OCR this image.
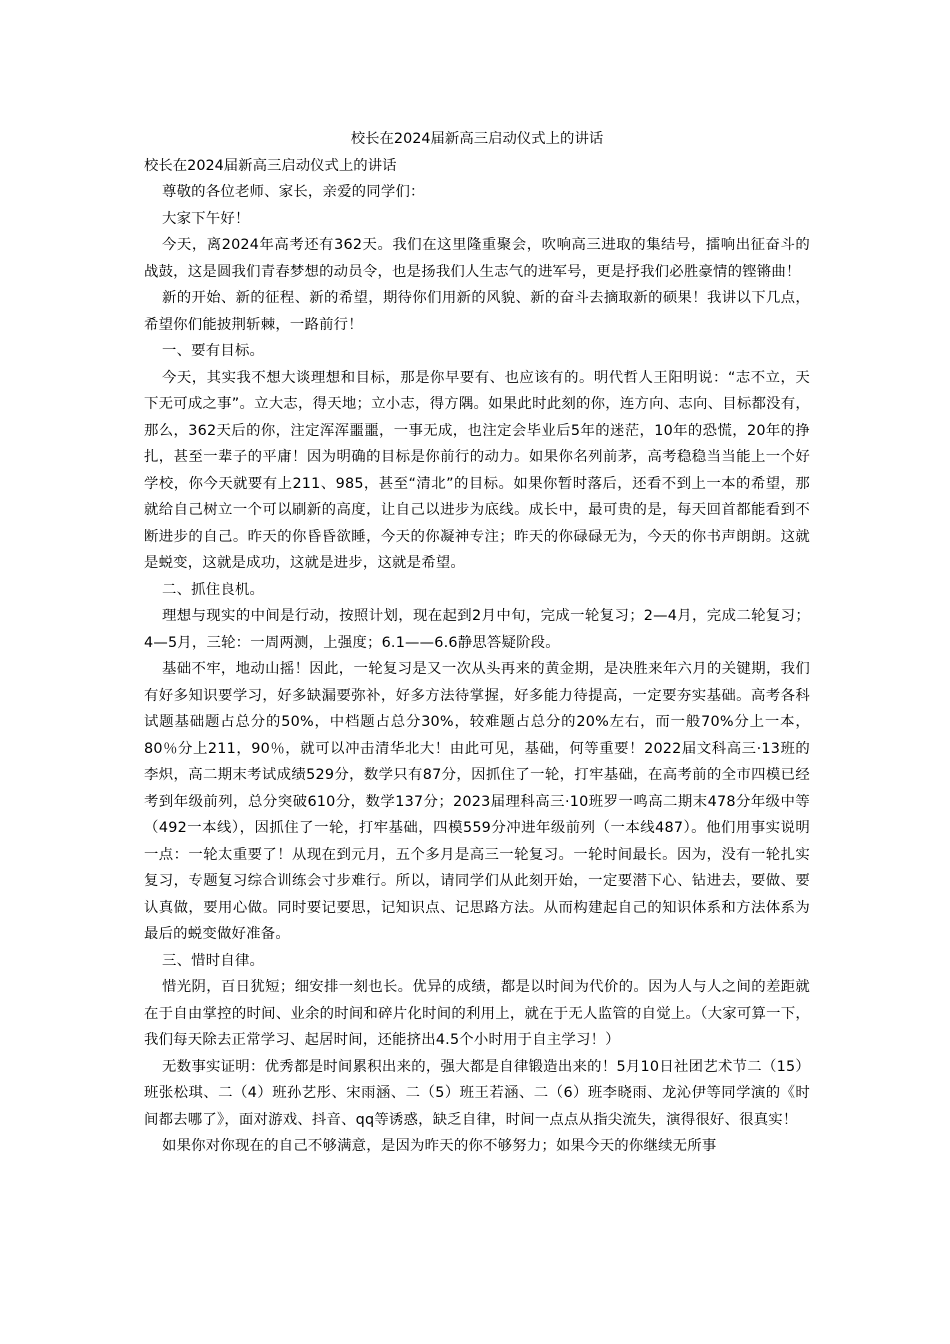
校长在2024届新高三启动仪式上的讲话

校长在2024届新高三启动仪式上的讲话

尊敬的各位老师、家长，亲爱的同学们：

大家下午好！

今天，离2024年高考还有362天。我们在这里隆重聚会，吹响高三进取的集结号，擂响出征奋斗的战鼓，这是圆我们青春梦想的动员令，也是扬我们人生志气的进军号，更是抒我们必胜豪情的铿锵曲！

新的开始、新的征程、新的希望，期待你们用新的风貌、新的奋斗去摘取新的硕果！我讲以下几点，希望你们能披荆斩棘，一路前行！

一、要有目标。

今天，其实我不想大谈理想和目标，那是你早要有、也应该有的。明代哲人王阳明说：“志不立，天下无可成之事”。立大志，得天地；立小志，得方隅。如果此时此刻的你，连方向、志向、目标都没有，那么，362天后的你，注定浑浑噩噩，一事无成，也注定会毕业后5年的迷茫，10年的恐慌，20年的挣扎，甚至一辈子的平庸！因为明确的目标是你前行的动力。如果你名列前茅，高考稳稳当当能上一个好学校，你今天就要有上211、985，甚至“清北”的目标。如果你暂时落后，还看不到上一本的希望，那就给自己树立一个可以刷新的高度，让自己以进步为底线。成长中，最可贵的是，每天回首都能看到不断进步的自己。昨天的你昏昏欲睡，今天的你凝神专注；昨天的你碌碌无为，今天的你书声朗朗。这就是蜕变，这就是成功，这就是进步，这就是希望。

二、抓住良机。

理想与现实的中间是行动，按照计划，现在起到2月中旬，完成一轮复习；2—4月，完成二轮复习；4—5月，三轮：一周两测，上强度；6.1——6.6静思答疑阶段。

基础不牢，地动山摇！因此，一轮复习是又一次从头再来的黄金期，是决胜来年六月的关键期，我们有好多知识要学习，好多缺漏要弥补，好多方法待掌握，好多能力待提高，一定要夯实基础。高考各科试题基础题占总分的50%，中档题占总分30%，较难题占总分的20%左右，而一般70%分上一本，80％分上211，90％，就可以冲击清华北大！由此可见，基础，何等重要！2022届文科高三·13班的李炽，高二期末考试成绩529分，数学只有87分，因抓住了一轮，打牢基础，在高考前的全市四模已经考到年级前列，总分突破610分，数学137分；2023届理科高三·10班罗一鸣高二期末478分年级中等（492一本线），因抓住了一轮，打牢基础，四模559分冲进年级前列（一本线487）。他们用事实说明一点：一轮太重要了！从现在到元月，五个多月是高三一轮复习。一轮时间最长。因为，没有一轮扎实复习，专题复习综合训练会寸步难行。所以，请同学们从此刻开始，一定要潜下心、钻进去，要做、要认真做，要用心做。同时要记要思，记知识点、记思路方法。从而构建起自己的知识体系和方法体系为最后的蜕变做好准备。

三、惜时自律。

惜光阴，百日犹短；细安排一刻也长。优异的成绩，都是以时间为代价的。因为人与人之间的差距就在于自由掌控的时间、业余的时间和碎片化时间的利用上，就在于无人监管的自觉上。（大家可算一下，我们每天除去正常学习、起居时间，还能挤出4.5个小时用于自主学习！）

无数事实证明：优秀都是时间累积出来的，强大都是自律锻造出来的！5月10日社团艺术节二（15）班张松琪、二（4）班孙艺彤、宋雨涵、二（5）班王若涵、二（6）班李晓雨、龙沁伊等同学演的《时间都去哪了》，面对游戏、抖音、qq等诱惑，缺乏自律，时间一点点从指尖流失，演得很好、很真实！

如果你对你现在的自己不够满意，是因为昨天的你不够努力；如果今天的你继续无所事
